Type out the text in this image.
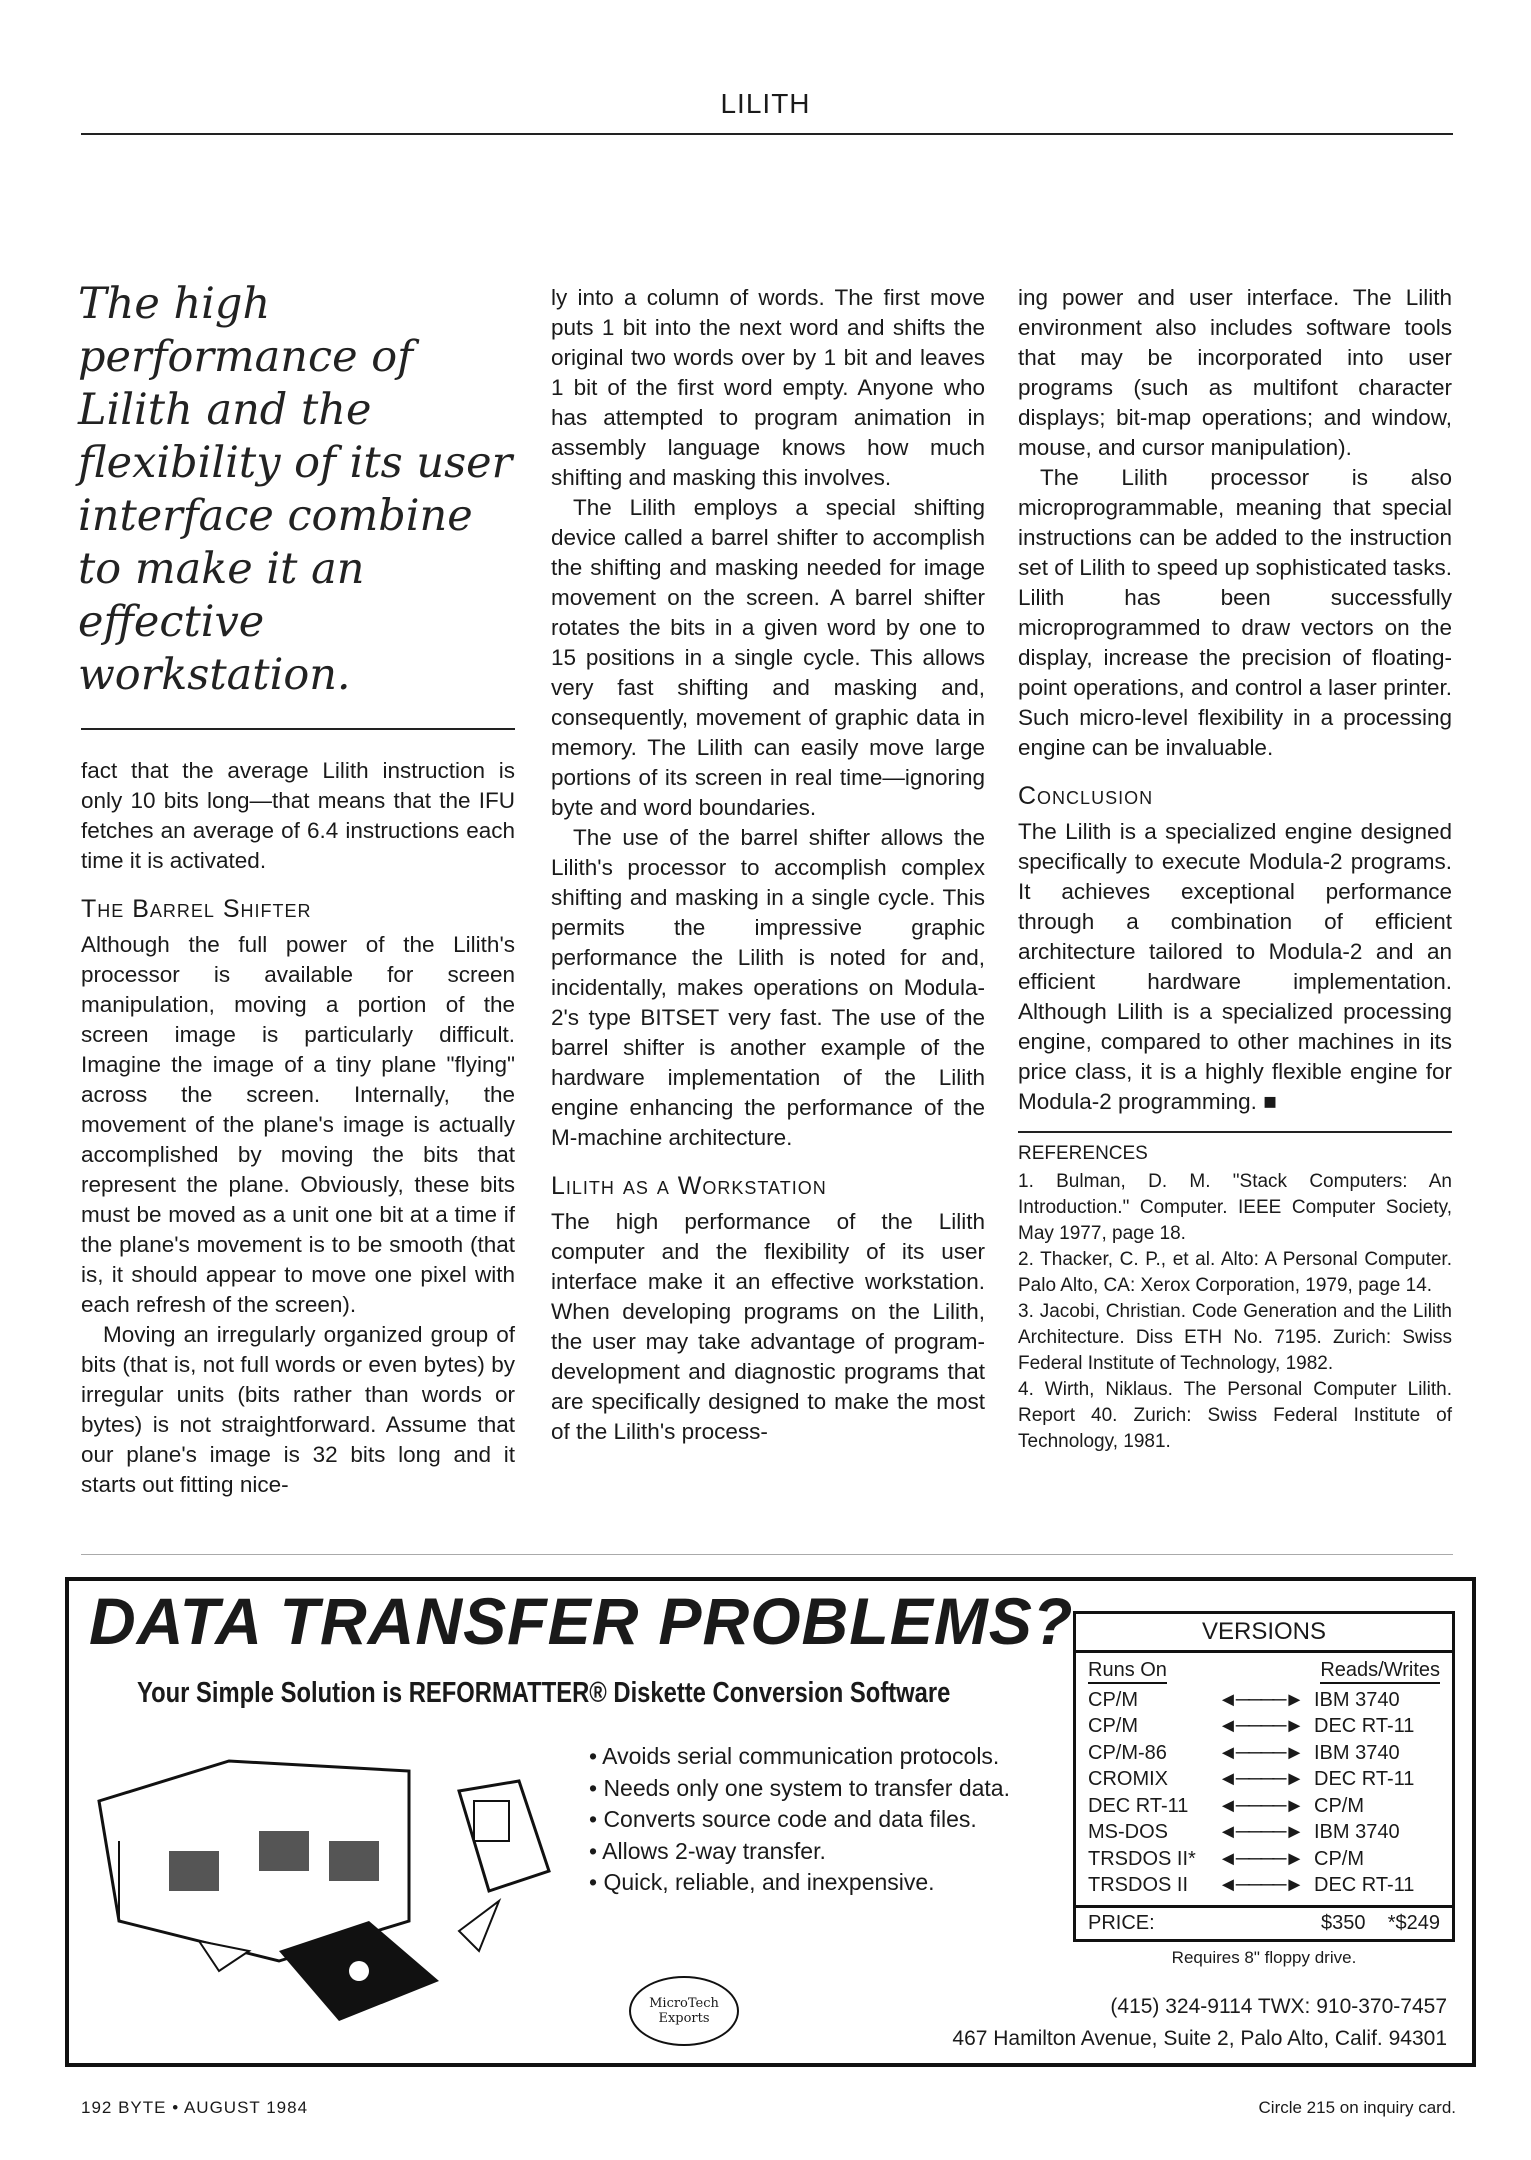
LILITH
The high performance of Lilith and the flexibility of its user interface combine to make it an effective workstation.

fact that the average Lilith instruction is only 10 bits long—that means that the IFU fetches an average of 6.4 instructions each time it is activated.

The Barrel Shifter

Although the full power of the Lilith's processor is available for screen manipulation, moving a portion of the screen image is particularly difficult. Imagine the image of a tiny plane "flying" across the screen. Internally, the movement of the plane's image is actually accomplished by moving the bits that represent the plane. Obviously, these bits must be moved as a unit one bit at a time if the plane's movement is to be smooth (that is, it should appear to move one pixel with each refresh of the screen).

Moving an irregularly organized group of bits (that is, not full words or even bytes) by irregular units (bits rather than words or bytes) is not straightforward. Assume that our plane's image is 32 bits long and it starts out fitting nice-

ly into a column of words. The first move puts 1 bit into the next word and shifts the original two words over by 1 bit and leaves 1 bit of the first word empty. Anyone who has attempted to program animation in assembly language knows how much shifting and masking this involves.

The Lilith employs a special shifting device called a barrel shifter to accomplish the shifting and masking needed for image movement on the screen. A barrel shifter rotates the bits in a given word by one to 15 positions in a single cycle. This allows very fast shifting and masking and, consequently, movement of graphic data in memory. The Lilith can easily move large portions of its screen in real time—ignoring byte and word boundaries.

The use of the barrel shifter allows the Lilith's processor to accomplish complex shifting and masking in a single cycle. This permits the impressive graphic performance the Lilith is noted for and, incidentally, makes operations on Modula-2's type BITSET very fast. The use of the barrel shifter is another example of the hardware implementation of the Lilith engine enhancing the performance of the M-machine architecture.

Lilith as a Workstation

The high performance of the Lilith computer and the flexibility of its user interface make it an effective workstation. When developing programs on the Lilith, the user may take advantage of program-development and diagnostic programs that are specifically designed to make the most of the Lilith's process-

ing power and user interface. The Lilith environment also includes software tools that may be incorporated into user programs (such as multifont character displays; bit-map operations; and window, mouse, and cursor manipulation).

The Lilith processor is also microprogrammable, meaning that special instructions can be added to the instruction set of Lilith to speed up sophisticated tasks. Lilith has been successfully microprogrammed to draw vectors on the display, increase the precision of floating-point operations, and control a laser printer. Such micro-level flexibility in a processing engine can be invaluable.

Conclusion

The Lilith is a specialized engine designed specifically to execute Modula-2 programs. It achieves exceptional performance through a combination of efficient architecture tailored to Modula-2 and an efficient hardware implementation. Although Lilith is a specialized processing engine, compared to other machines in its price class, it is a highly flexible engine for Modula-2 programming. ■

REFERENCES

1. Bulman, D. M. "Stack Computers: An Introduction." Computer. IEEE Computer Society, May 1977, page 18.

2. Thacker, C. P., et al. Alto: A Personal Computer. Palo Alto, CA: Xerox Corporation, 1979, page 14.

3. Jacobi, Christian. Code Generation and the Lilith Architecture. Diss ETH No. 7195. Zurich: Swiss Federal Institute of Technology, 1982.

4. Wirth, Niklaus. The Personal Computer Lilith. Report 40. Zurich: Swiss Federal Institute of Technology, 1981.

DATA TRANSFER PROBLEMS?
Your Simple Solution is REFORMATTER® Diskette Conversion Software
• Avoids serial communication protocols.
• Needs only one system to transfer data.
• Converts source code and data files.
• Allows 2-way transfer.
• Quick, reliable, and inexpensive.
VERSIONS
Runs On	Reads/Writes
CP/M	◄────► IBM 3740
CP/M	◄────► DEC RT-11
CP/M-86	◄────► IBM 3740
CROMIX	◄────► DEC RT-11
DEC RT-11	◄────► CP/M
MS-DOS	◄────► IBM 3740
TRSDOS II*	◄────► CP/M
TRSDOS II	◄────► DEC RT-11
PRICE:	$350 *$249
Requires 8" floppy drive.
MicroTech Exports
(415) 324-9114 TWX: 910-370-7457
467 Hamilton Avenue, Suite 2, Palo Alto, Calif. 94301
192 BYTE • AUGUST 1984	Circle 215 on inquiry card.
